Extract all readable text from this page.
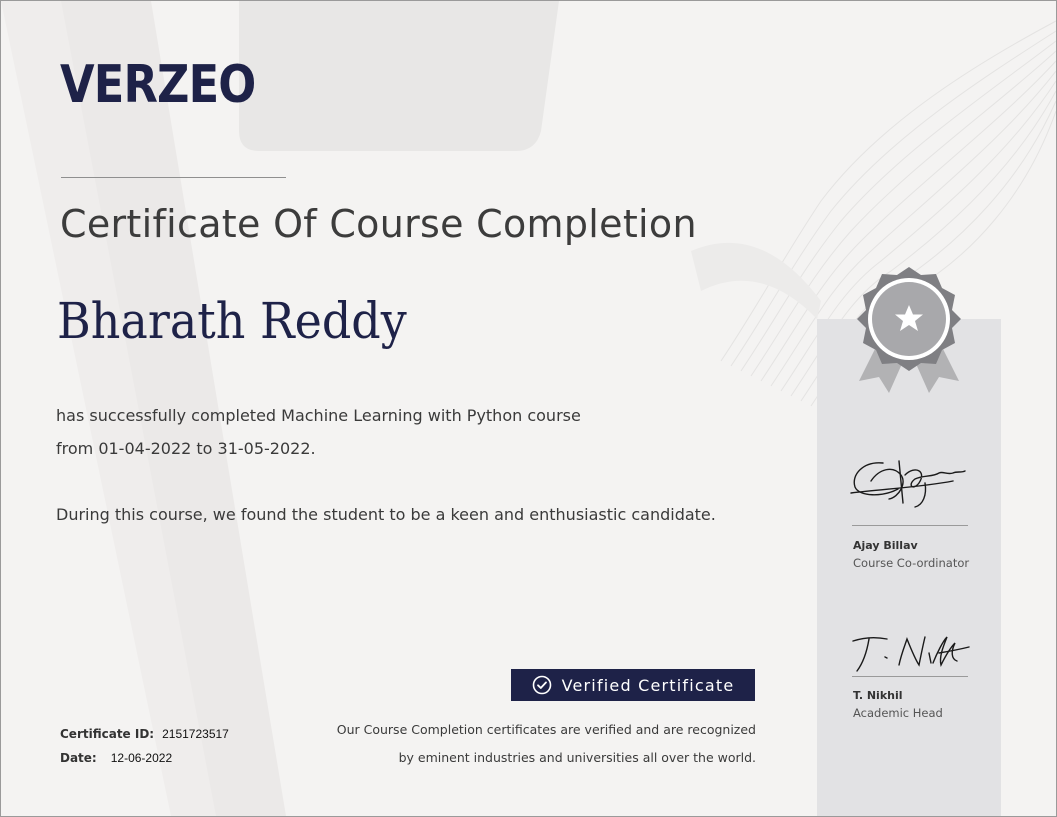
VERZEO
Certificate Of Course Completion
Bharath Reddy
has successfully completed Machine Learning with Python course
from 01-04-2022 to 31-05-2022.
During this course, we found the student to be a keen and enthusiastic candidate.
Verified Certificate
Our Course Completion certificates are verified and are recognized
by eminent industries and universities all over the world.
Certificate ID: 2151723517
Date: 12-06-2022
Ajay Billav
Course Co-ordinator
T. Nikhil
Academic Head
